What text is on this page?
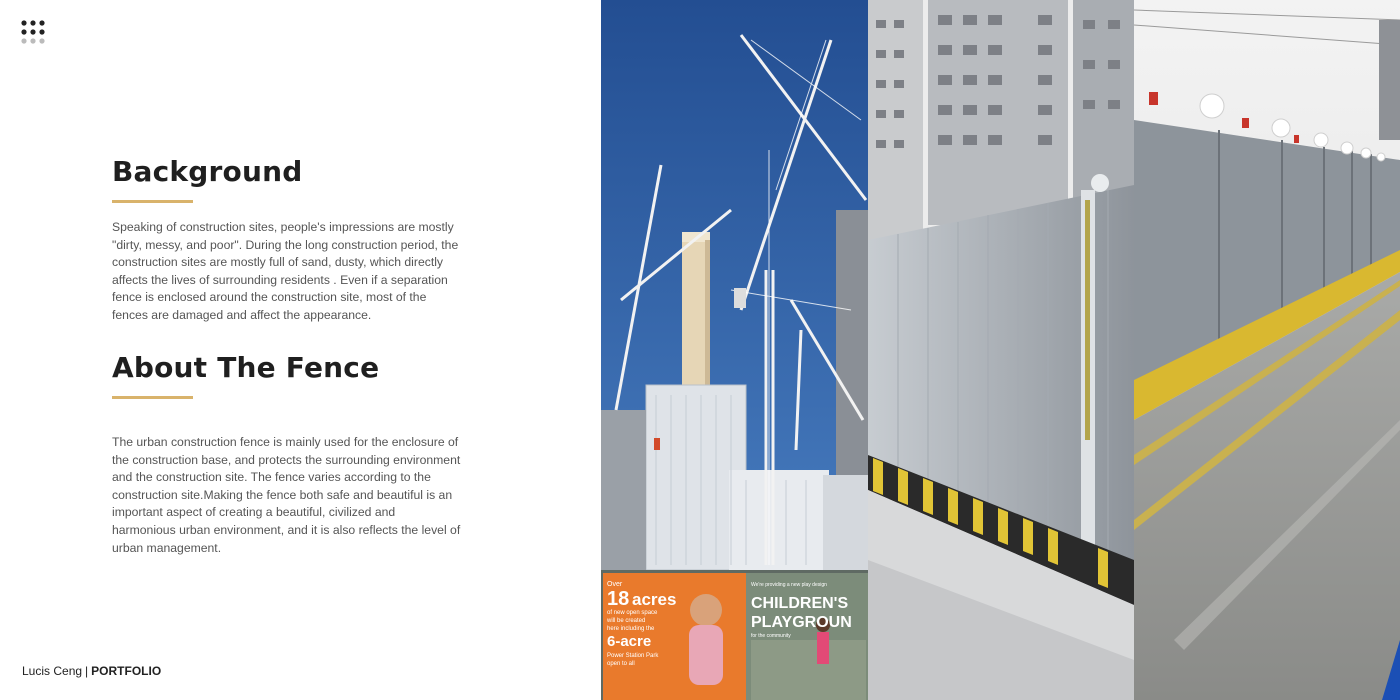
Background

Speaking of construction sites, people's impressions are mostly "dirty, messy, and poor". During the long construction period, the construction sites are mostly full of sand, dusty, which directly affects the lives of surrounding residents . Even if a separation fence is enclosed around the construction site, most of the fences are damaged and affect the appearance.

About The Fence

The urban construction fence is mainly used for the enclosure of the construction base, and protects the surrounding environment and the construction site. The fence varies according to the construction site.Making the fence both safe and beautiful is an important aspect of creating a beautiful, civilized and harmonious urban environment, and it is also reflects the level of urban management.

Lucis Ceng | PORTFOLIO
Over
18 acres
of new open space
will be created
here including the
6-acre
Power Station Park
open to all
We're providing a new play design
CHILDREN'S
PLAYGROUN
for the community
